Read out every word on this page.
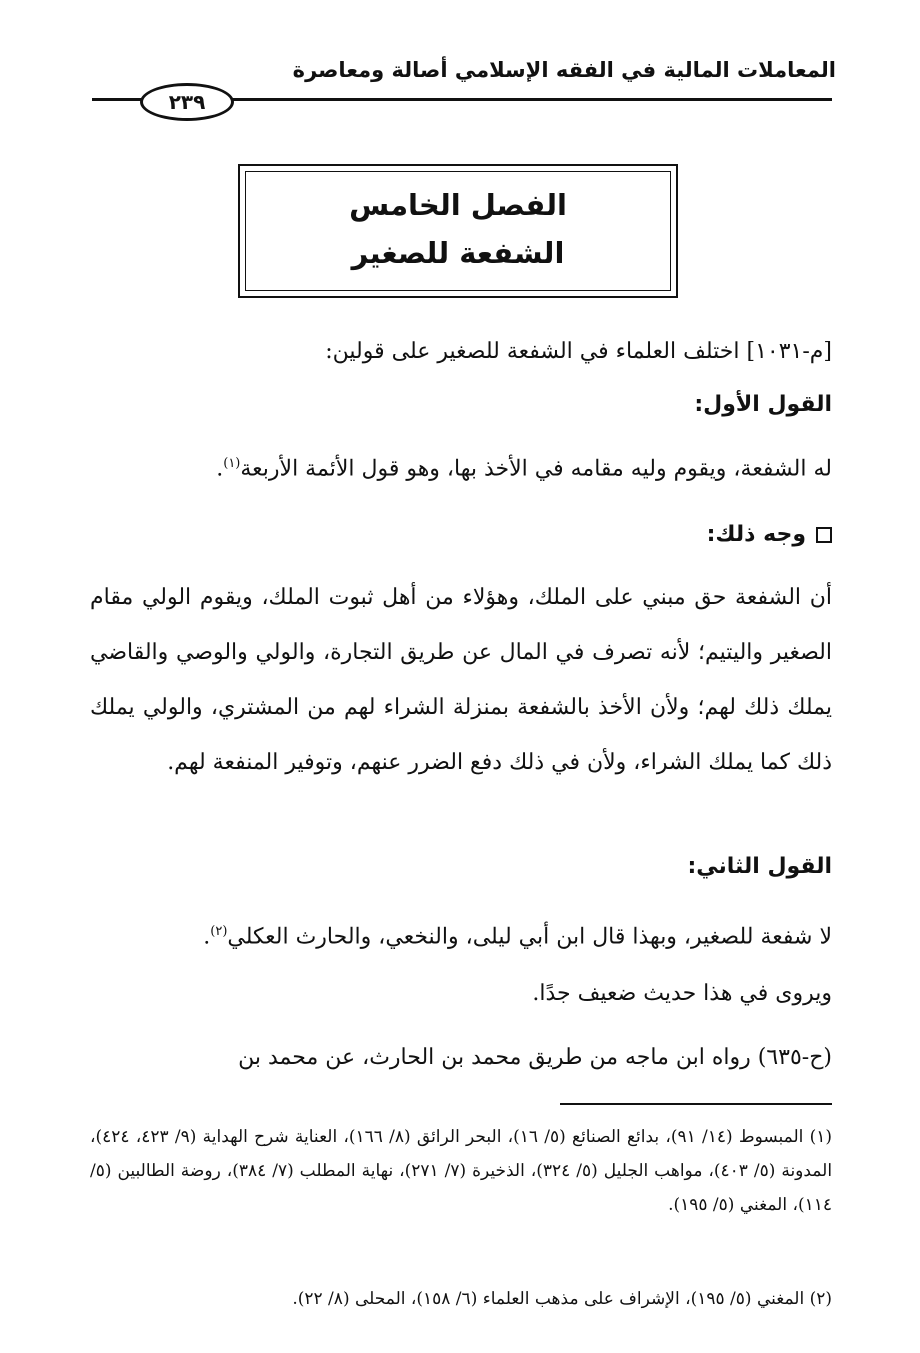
المعاملات المالية في الفقه الإسلامي أصالة ومعاصرة
٢٣٩
الفصل الخامس
الشفعة للصغير
[م-١٠٣١] اختلف العلماء في الشفعة للصغير على قولين:
القول الأول:
له الشفعة، ويقوم وليه مقامه في الأخذ بها، وهو قول الأئمة الأربعة$^{(١)}$.
وجه ذلك:
أن الشفعة حق مبني على الملك، وهؤلاء من أهل ثبوت الملك، ويقوم الولي مقام الصغير واليتيم؛ لأنه تصرف في المال عن طريق التجارة، والولي والوصي والقاضي يملك ذلك لهم؛ ولأن الأخذ بالشفعة بمنزلة الشراء لهم من المشتري، والولي يملك ذلك كما يملك الشراء، ولأن في ذلك دفع الضرر عنهم، وتوفير المنفعة لهم.
القول الثاني:
لا شفعة للصغير، وبهذا قال ابن أبي ليلى، والنخعي، والحارث العكلي$^{(٢)}$.
ويروى في هذا حديث ضعيف جدًا.
(ح-٦٣٥) رواه ابن ماجه من طريق محمد بن الحارث، عن محمد بن
(١) المبسوط (١٤/ ٩١)، بدائع الصنائع (٥/ ١٦)، البحر الرائق (٨/ ١٦٦)، العناية شرح الهداية (٩/ ٤٢٣، ٤٢٤)، المدونة (٥/ ٤٠٣)، مواهب الجليل (٥/ ٣٢٤)، الذخيرة (٧/ ٢٧١)، نهاية المطلب (٧/ ٣٨٤)، روضة الطالبين (٥/ ١١٤)، المغني (٥/ ١٩٥).
(٢) المغني (٥/ ١٩٥)، الإشراف على مذهب العلماء (٦/ ١٥٨)، المحلى (٨/ ٢٢).
